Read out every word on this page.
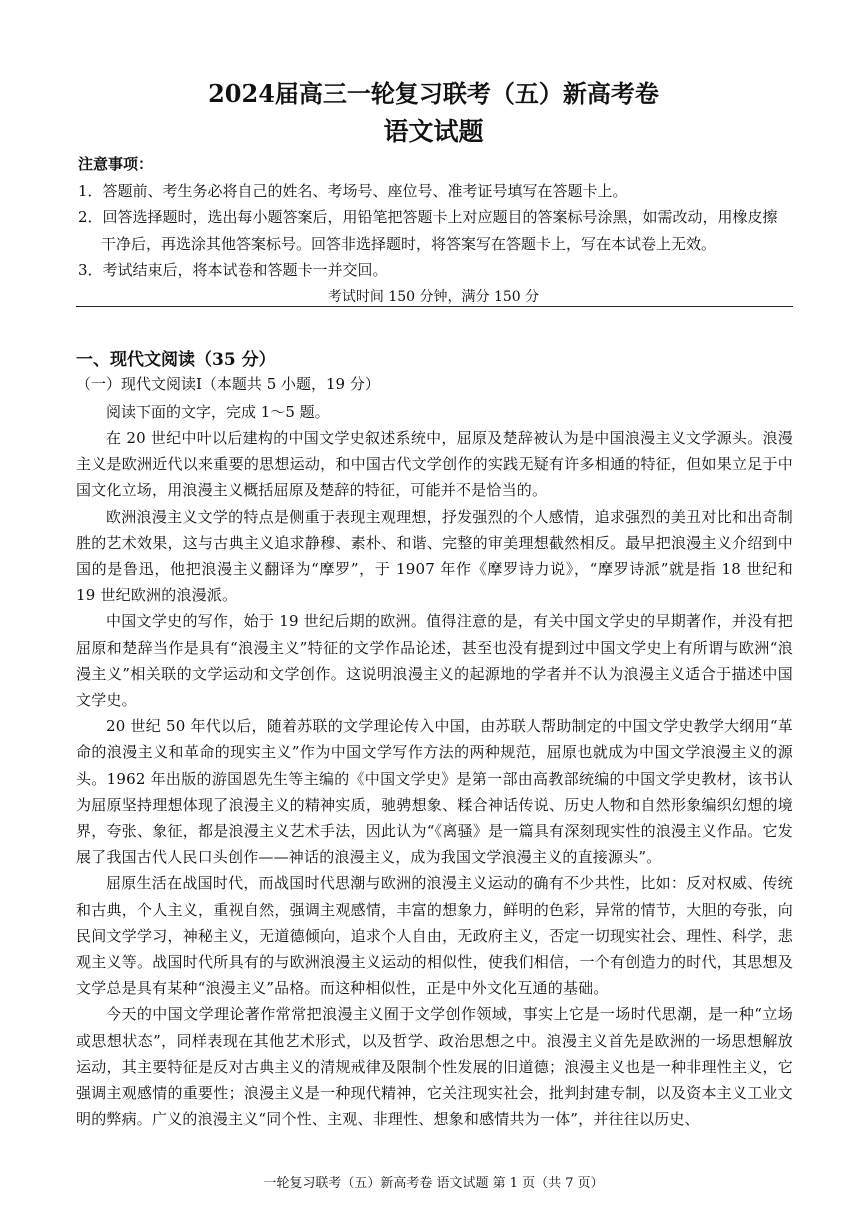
2024届高三一轮复习联考（五）新高考卷
语文试题
注意事项：
1．答题前、考生务必将自己的姓名、考场号、座位号、准考证号填写在答题卡上。
2．回答选择题时，选出每小题答案后，用铅笔把答题卡上对应题目的答案标号涂黑，如需改动，用橡皮擦
干净后，再选涂其他答案标号。回答非选择题时，将答案写在答题卡上，写在本试卷上无效。
3．考试结束后，将本试卷和答题卡一并交回。
考试时间 150 分钟，满分 150 分
一、现代文阅读（35 分）
（一）现代文阅读Ⅰ（本题共 5 小题，19 分）
阅读下面的文字，完成 1～5 题。

在 20 世纪中叶以后建构的中国文学史叙述系统中，屈原及楚辞被认为是中国浪漫主义文学源头。浪漫主义是欧洲近代以来重要的思想运动，和中国古代文学创作的实践无疑有许多相通的特征，但如果立足于中国文化立场，用浪漫主义概括屈原及楚辞的特征，可能并不是恰当的。

欧洲浪漫主义文学的特点是侧重于表现主观理想，抒发强烈的个人感情，追求强烈的美丑对比和出奇制胜的艺术效果，这与古典主义追求静穆、素朴、和谐、完整的审美理想截然相反。最早把浪漫主义介绍到中国的是鲁迅，他把浪漫主义翻译为“摩罗”，于 1907 年作《摩罗诗力说》，“摩罗诗派”就是指 18 世纪和 19 世纪欧洲的浪漫派。

中国文学史的写作，始于 19 世纪后期的欧洲。值得注意的是，有关中国文学史的早期著作，并没有把屈原和楚辞当作是具有“浪漫主义”特征的文学作品论述，甚至也没有提到过中国文学史上有所谓与欧洲“浪漫主义”相关联的文学运动和文学创作。这说明浪漫主义的起源地的学者并不认为浪漫主义适合于描述中国文学史。

20 世纪 50 年代以后，随着苏联的文学理论传入中国，由苏联人帮助制定的中国文学史教学大纲用“革命的浪漫主义和革命的现实主义”作为中国文学写作方法的两种规范，屈原也就成为中国文学浪漫主义的源头。1962 年出版的游国恩先生等主编的《中国文学史》是第一部由高教部统编的中国文学史教材，该书认为屈原坚持理想体现了浪漫主义的精神实质，驰骋想象、糅合神话传说、历史人物和自然形象编织幻想的境界，夸张、象征，都是浪漫主义艺术手法，因此认为“《离骚》是一篇具有深刻现实性的浪漫主义作品。它发展了我国古代人民口头创作——神话的浪漫主义，成为我国文学浪漫主义的直接源头”。

屈原生活在战国时代，而战国时代思潮与欧洲的浪漫主义运动的确有不少共性，比如：反对权威、传统和古典，个人主义，重视自然，强调主观感情，丰富的想象力，鲜明的色彩，异常的情节，大胆的夸张，向民间文学学习，神秘主义，无道德倾向，追求个人自由，无政府主义，否定一切现实社会、理性、科学，悲观主义等。战国时代所具有的与欧洲浪漫主义运动的相似性，使我们相信，一个有创造力的时代，其思想及文学总是具有某种“浪漫主义”品格。而这种相似性，正是中外文化互通的基础。

今天的中国文学理论著作常常把浪漫主义囿于文学创作领域，事实上它是一场时代思潮，是一种“立场或思想状态”，同样表现在其他艺术形式，以及哲学、政治思想之中。浪漫主义首先是欧洲的一场思想解放运动，其主要特征是反对古典主义的清规戒律及限制个性发展的旧道德；浪漫主义也是一种非理性主义，它强调主观感情的重要性；浪漫主义是一种现代精神，它关注现实社会，批判封建专制，以及资本主义工业文明的弊病。广义的浪漫主义“同个性、主观、非理性、想象和感情共为一体”，并往往以历史、

一轮复习联考（五）新高考卷 语文试题 第 1 页（共 7 页）
